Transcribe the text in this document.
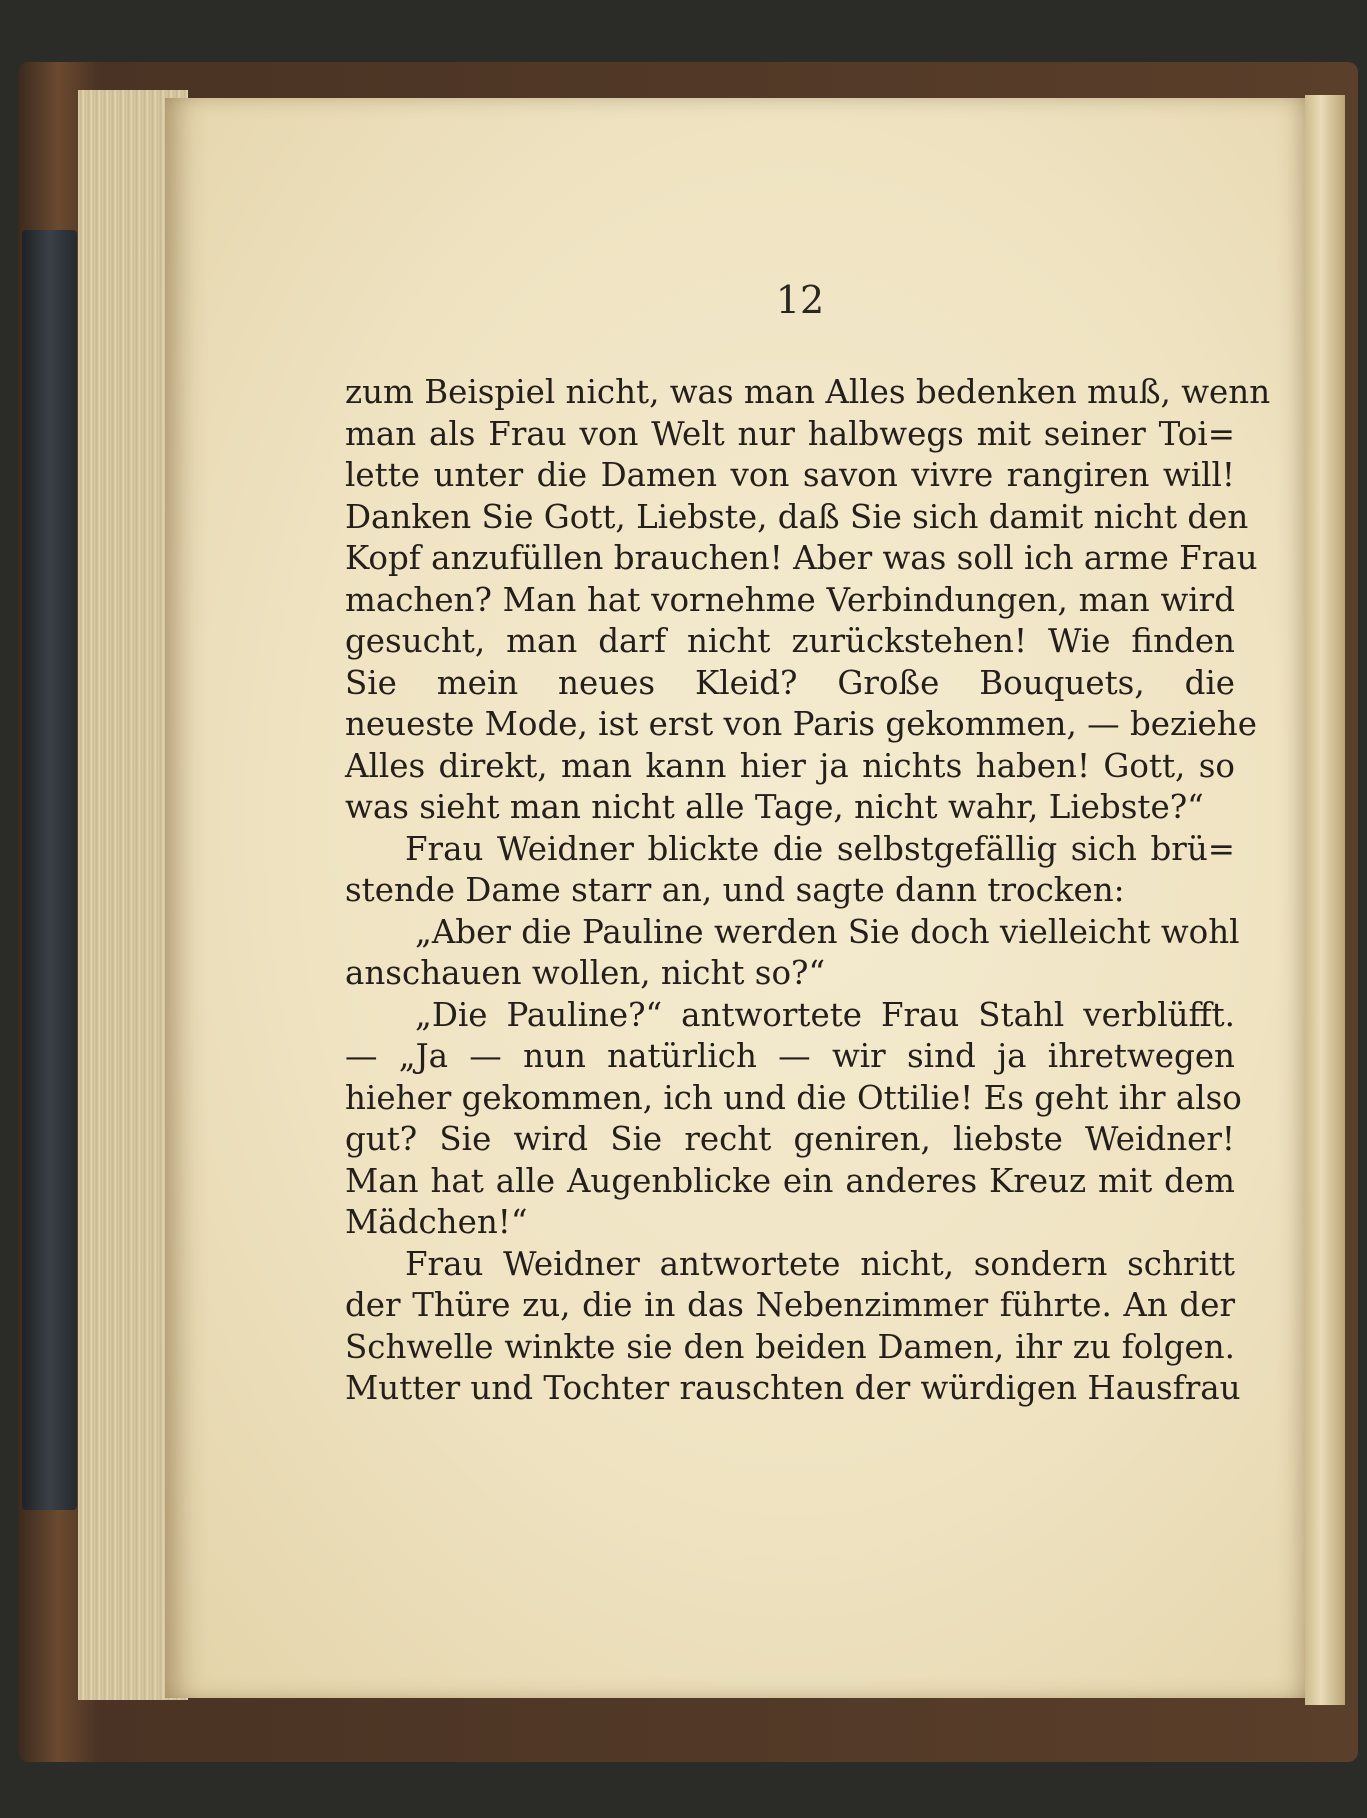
12
zum Beispiel nicht, was man Alles bedenken muß, wenn
man als Frau von Welt nur halbwegs mit seiner Toi=
lette unter die Damen von savon vivre rangiren will!
Danken Sie Gott, Liebste, daß Sie sich damit nicht den
Kopf anzufüllen brauchen! Aber was soll ich arme Frau
machen? Man hat vornehme Verbindungen, man wird
gesucht, man darf nicht zurückstehen! Wie finden
Sie mein neues Kleid? Große Bouquets, die
neueste Mode, ist erst von Paris gekommen, — beziehe
Alles direkt, man kann hier ja nichts haben! Gott, so
was sieht man nicht alle Tage, nicht wahr, Liebste?“
Frau Weidner blickte die selbstgefällig sich brü=
stende Dame starr an, und sagte dann trocken:
„Aber die Pauline werden Sie doch vielleicht wohl
anschauen wollen, nicht so?“
„Die Pauline?“ antwortete Frau Stahl verblüfft.
— „Ja — nun natürlich — wir sind ja ihretwegen
hieher gekommen, ich und die Ottilie! Es geht ihr also
gut? Sie wird Sie recht geniren, liebste Weidner!
Man hat alle Augenblicke ein anderes Kreuz mit dem
Mädchen!“
Frau Weidner antwortete nicht, sondern schritt
der Thüre zu, die in das Nebenzimmer führte. An der
Schwelle winkte sie den beiden Damen, ihr zu folgen.
Mutter und Tochter rauschten der würdigen Hausfrau
